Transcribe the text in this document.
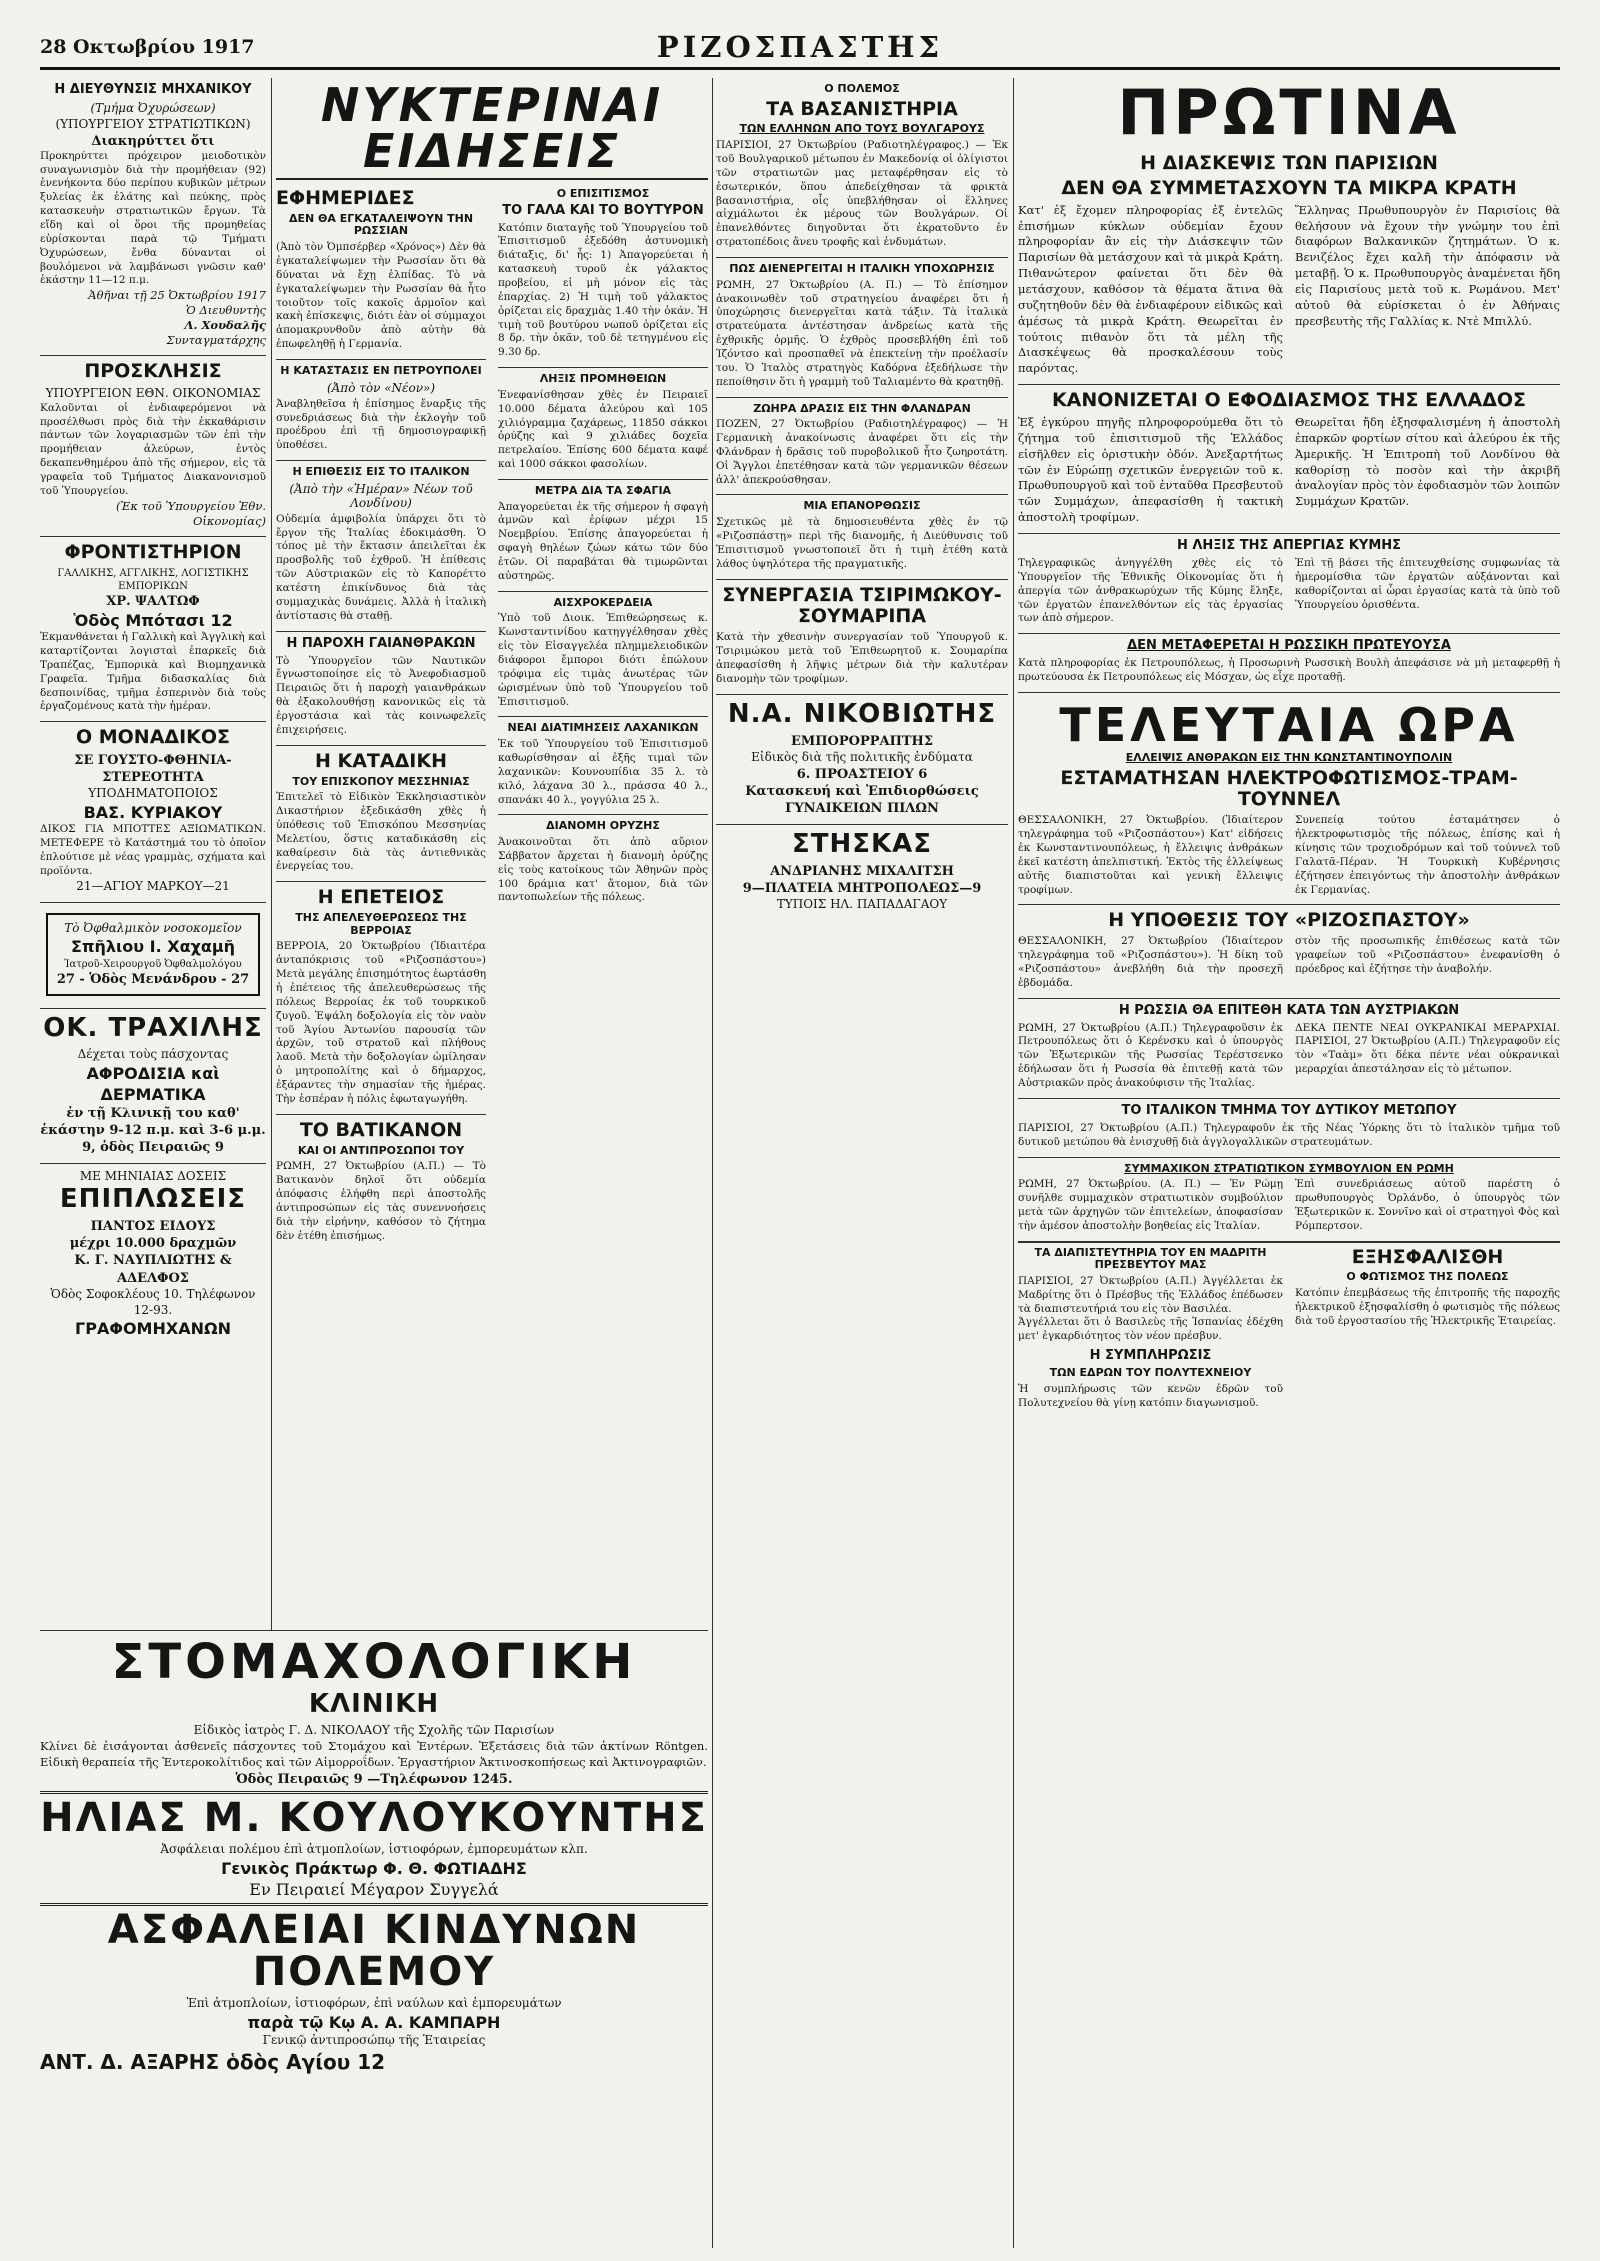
28 Οκτωβρίου 1917	ΡΙΖΟΣΠΑΣΤΗΣ
Η ΔΙΕΥΘΥΝΣΙΣ ΜΗΧΑΝΙΚΟΥ
(Τμήμα Ὀχυρώσεων)
(ΥΠΟΥΡΓΕΙΟΥ ΣΤΡΑΤΙΩΤΙΚΩΝ)
Διακηρύττει ὅτι
Προκηρύττει πρόχειρον μειοδοτικὸν συναγωνισμὸν διὰ τὴν προμήθειαν (92) ἐνενήκοντα δύο περίπου κυβικῶν μέτρων ξυλείας ἐκ ἐλάτης καὶ πεύκης, πρὸς κατασκευὴν στρατιωτικῶν ἔργων. Τὰ εἴδη καὶ οἱ ὅροι τῆς προμηθείας εὑρίσκονται παρὰ τῷ Τμήματι Ὀχυρώσεων, ἔνθα δύνανται οἱ βουλόμενοι νὰ λαμβάνωσι γνῶσιν καθ' ἑκάστην 11—12 π.μ.
Ἀθῆναι τῇ 25 Ὀκτωβρίου 1917
Ὁ Διευθυντὴς
Λ. Χουδαλῆς
Συνταγματάρχης
ΠΡΟΣΚΛΗΣΙΣ
ΥΠΟΥΡΓΕΙΟΝ ΕΘΝ. ΟΙΚΟΝΟΜΙΑΣ
Καλοῦνται οἱ ἐνδιαφερόμενοι νὰ προσέλθωσι πρὸς διὰ τὴν ἐκκαθάρισιν πάντων τῶν λογαριασμῶν τῶν ἐπὶ τὴν προμήθειαν ἀλεύρων, ἐντὸς δεκαπενθημέρου ἀπὸ τῆς σήμερον, εἰς τὰ γραφεῖα τοῦ Τμήματος Διακανονισμοῦ τοῦ Ὑπουργείου.
(Ἐκ τοῦ Ὑπουργείου Ἐθν. Οἰκονομίας)
ΦΡΟΝΤΙΣΤΗΡΙΟΝ
ΓΑΛΛΙΚΗΣ, ΑΓΓΛΙΚΗΣ, ΛΟΓΙΣΤΙΚΗΣ ΕΜΠΟΡΙΚΩΝ
ΧΡ. ΨΑΛΤΩΦ
Ὁδὸς Μπότασι 12
Ἐκμανθάνεται ἡ Γαλλικὴ καὶ Ἀγγλικὴ καὶ καταρτίζονται λογισταὶ ἐπαρκεῖς διὰ Τραπέζας, Ἐμπορικὰ καὶ Βιομηχανικὰ Γραφεῖα. Τμῆμα διδασκαλίας διὰ δεσποινίδας, τμῆμα ἐσπερινὸν διὰ τοὺς ἐργαζομένους κατὰ τὴν ἡμέραν.
Ο ΜΟΝΑΔΙΚΟΣ
ΣΕ ΓΟΥΣΤΟ-ΦΘΗΝΙΑ-ΣΤΕΡΕΟΤΗΤΑ
ΥΠΟΔΗΜΑΤΟΠΟΙΟΣ
ΒΑΣ. ΚΥΡΙΑΚΟΥ
ΔΙΚΟΣ ΓΙΑ ΜΠΟΤΤΕΣ ΑΞΙΩΜΑΤΙΚΩΝ. ΜΕΤΕΦΕΡΕ τὸ Κατάστημά του τὸ ὁποῖον ἐπλούτισε μὲ νέας γραμμὰς, σχήματα καὶ προϊόντα.
21—ΑΓΙΟΥ ΜΑΡΚΟΥ—21
Τὸ Ὀφθαλμικὸν νοσοκομεῖον
Σπῆλιου Ι. Χαχαμῆ
Ἰατροῦ-Χειρουργοῦ Ὀφθαλμολόγου
27 - Ὁδὸς Μενάνδρου - 27
ΟΚ. ΤΡΑΧΙΛΗΣ
Δέχεται τοὺς πάσχοντας
ΑΦΡΟΔΙΣΙΑ καὶ ΔΕΡΜΑΤΙΚΑ
ἐν τῇ Κλινικῇ του καθ' ἑκάστην 9-12 π.μ. καὶ 3-6 μ.μ.
9, ὁδὸς Πειραιῶς 9
ΜΕ ΜΗΝΙΑΙΑΣ ΔΟΣΕΙΣ
ΕΠΙΠΛΩΣΕΙΣ
ΠΑΝΤΟΣ ΕΙΔΟΥΣ
μέχρι 10.000 δραχμῶν
Κ. Γ. ΝΑΥΠΛΙΩΤΗΣ & ΑΔΕΛΦΟΣ
Ὁδὸς Σοφοκλέους 10. Τηλέφωνον 12-93.
ΓΡΑΦΟΜΗΧΑΝΩΝ
ΣΤΟΜΑΧΟΛΟΓΙΚΗ
ΚΛΙΝΙΚΗ
Εἰδικὸς ἰατρὸς Γ. Δ. ΝΙΚΟΛΑΟΥ τῆς Σχολῆς τῶν Παρισίων
Κλίνει δὲ ἐισάγονται ἀσθενεῖς πάσχοντες τοῦ Στομάχου καὶ Ἐντέρων. Ἐξετάσεις διὰ τῶν ἀκτίνων Röntgen. Εἰδικὴ θεραπεία τῆς Ἐντεροκολίτιδος καὶ τῶν Αἱμορροΐδων. Ἐργαστήριον Ἀκτινοσκοπήσεως καὶ Ἀκτινογραφιῶν.
Ὁδὸς Πειραιῶς 9 —Τηλέφωνον 1245.
ΗΛΙΑΣ Μ. ΚΟΥΛΟΥΚΟΥΝΤΗΣ
Ἀσφάλειαι πολέμου ἐπὶ ἀτμοπλοίων, ἱστιοφόρων, ἐμπορευμάτων κλπ.
Γενικὸς Πράκτωρ Φ. Θ. ΦΩΤΙΑΔΗΣ
Εν Πειραιεί Μέγαρον Συγγελά
ΑΣΦΑΛΕΙΑΙ ΚΙΝΔΥΝΩΝ ΠΟΛΕΜΟΥ
Ἐπὶ ἀτμοπλοίων, ἱστιοφόρων, ἐπὶ ναύλων καὶ ἐμπορευμάτων
παρὰ τῷ Κῳ Α. Α. ΚΑΜΠΑΡΗ
Γενικῷ ἀντιπροσώπῳ τῆς Ἑταιρείας
ΑΝΤ. Δ. ΑΞΑΡΗΣ ὁδὸς Αγίου 12
ΝΥΚΤΕΡΙΝΑΙ ΕΙΔΗΣΕΙΣ
ΕΦΗΜΕΡΙΔΕΣ
ΔΕΝ ΘΑ ΕΓΚΑΤΑΛΕΙΨΟΥΝ ΤΗΝ ΡΩΣΣΙΑΝ
(Ἀπὸ τὸν Ὀμπσέρβερ «Χρόνος») Δὲν θὰ ἐγκαταλείψωμεν τὴν Ρωσσίαν ὅτι θὰ δύναται νὰ ἔχῃ ἐλπίδας. Τὸ νὰ ἐγκαταλείψωμεν τὴν Ρωσσίαν θὰ ἦτο τοιοῦτον τοῖς κακοῖς ἀρμοῖον καὶ κακὴ ἐπίσκεψις, διότι ἐὰν οἱ σύμμαχοι ἀπομακρυνθοῦν ἀπὸ αὐτὴν θὰ ἐπωφεληθῇ ἡ Γερμανία.
Η ΚΑΤΑΣΤΑΣΙΣ ΕΝ ΠΕΤΡΟΥΠΟΛΕΙ
(Ἀπὸ τὸν «Νέον»)
Ἀναβληθεῖσα ἡ ἐπίσημος ἔναρξις τῆς συνεδριάσεως διὰ τὴν ἐκλογὴν τοῦ προέδρου ἐπὶ τῇ δημοσιογραφικῇ ὑποθέσει.
Η ΕΠΙΘΕΣΙΣ ΕΙΣ ΤΟ ΙΤΑΛΙΚΟΝ
(Ἀπὸ τὴν «Ἡμέραν» Νέων τοῦ Λονδίνου)
Οὐδεμία ἀμφιβολία ὑπάρχει ὅτι τὸ ἔργον τῆς Ἰταλίας ἐδοκιμάσθη. Ὁ τόπος μὲ τὴν ἔκτασιν ἀπειλεῖται ἐκ προσβολῆς τοῦ ἐχθροῦ. Ἡ ἐπίθεσις τῶν Αὐστριακῶν εἰς τὸ Καπορέττο κατέστη ἐπικίνδυνος διὰ τὰς συμμαχικὰς δυνάμεις. Ἀλλὰ ἡ ἰταλικὴ ἀντίστασις θὰ σταθῇ.
Η ΠΑΡΟΧΗ ΓΑΙΑΝΘΡΑΚΩΝ
Τὸ Ὑπουργεῖον τῶν Ναυτικῶν ἔγνωστοποίησε εἰς τὸ Ἀνεφοδιασμοῦ Πειραιῶς ὅτι ἡ παροχὴ γαιανθράκων θὰ ἐξακολουθήσῃ κανονικῶς εἰς τὰ ἐργοστάσια καὶ τὰς κοινωφελεῖς ἐπιχειρήσεις.
Η ΚΑΤΑΔΙΚΗ
ΤΟΥ ΕΠΙΣΚΟΠΟΥ ΜΕΣΣΗΝΙΑΣ
Ἐπιτελεῖ τὸ Εἰδικὸν Ἐκκλησιαστικὸν Δικαστήριον ἐξεδικάσθη χθὲς ἡ ὑπόθεσις τοῦ Ἐπισκόπου Μεσσηνίας Μελετίου, ὅστις καταδικάσθη εἰς καθαίρεσιν διὰ τὰς ἀντιεθνικὰς ἐνεργείας του.
Η ΕΠΕΤΕΙΟΣ
ΤΗΣ ΑΠΕΛΕΥΘΕΡΩΣΕΩΣ ΤΗΣ ΒΕΡΡΟΙΑΣ
ΒΕΡΡΟΙΑ, 20 Ὀκτωβρίου (Ἰδιαιτέρα ἀνταπόκρισις τοῦ «Ριζοσπάστου») Μετὰ μεγάλης ἐπισημότητος ἑωρτάσθη ἡ ἐπέτειος τῆς ἀπελευθερώσεως τῆς πόλεως Βερροίας ἐκ τοῦ τουρκικοῦ ζυγοῦ. Ἐψάλη δοξολογία εἰς τὸν ναὸν τοῦ Ἁγίου Ἀντωνίου παρουσίᾳ τῶν ἀρχῶν, τοῦ στρατοῦ καὶ πλήθους λαοῦ. Μετὰ τὴν δοξολογίαν ὡμίλησαν ὁ μητροπολίτης καὶ ὁ δήμαρχος, ἐξάραντες τὴν σημασίαν τῆς ἡμέρας. Τὴν ἑσπέραν ἡ πόλις ἐφωταγωγήθη.
ΤΟ ΒΑΤΙΚΑΝΟΝ
ΚΑΙ ΟΙ ΑΝΤΙΠΡΟΣΩΠΟΙ ΤΟΥ
ΡΩΜΗ, 27 Ὀκτωβρίου (Α.Π.) — Τὸ Βατικανὸν δηλοῖ ὅτι οὐδεμία ἀπόφασις ἐλήφθη περὶ ἀποστολῆς ἀντιπροσώπων εἰς τὰς συνεννοήσεις διὰ τὴν εἰρήνην, καθόσον τὸ ζήτημα δὲν ἐτέθη ἐπισήμως.
Ο ΕΠΙΣΙΤΙΣΜΟΣ
ΤΟ ΓΑΛΑ ΚΑΙ ΤΟ ΒΟΥΤΥΡΟΝ
Κατόπιν διαταγῆς τοῦ Ὑπουργείου τοῦ Ἐπισιτισμοῦ ἐξεδόθη ἀστυνομικὴ διάταξις, δι' ἧς: 1) Ἀπαγορεύεται ἡ κατασκευὴ τυροῦ ἐκ γάλακτος προβείου, εἰ μὴ μόνον εἰς τὰς ἐπαρχίας. 2) Ἡ τιμὴ τοῦ γάλακτος ὁρίζεται εἰς δραχμὰς 1.40 τὴν ὀκάν. Ἡ τιμὴ τοῦ βουτύρου νωποῦ ὁρίζεται εἰς 8 δρ. τὴν ὀκᾶν, τοῦ δὲ τετηγμένου εἰς 9.30 δρ.
ΛΗΞΙΣ ΠΡΟΜΗΘΕΙΩΝ
Ἐνεφανίσθησαν χθὲς ἐν Πειραιεῖ 10.000 δέματα ἀλεύρου καὶ 105 χιλιόγραμμα ζαχάρεως, 11850 σάκκοι ὀρύζης καὶ 9 χιλιάδες δοχεῖα πετρελαίου. Ἐπίσης 600 δέματα καφέ καὶ 1000 σάκκοι φασολίων.
ΜΕΤΡΑ ΔΙΑ ΤΑ ΣΦΑΓΙΑ
Ἀπαγορεύεται ἐκ τῆς σήμερον ἡ σφαγὴ ἀμνῶν καὶ ἐρίφων μέχρι 15 Νοεμβρίου. Ἐπίσης ἀπαγορεύεται ἡ σφαγὴ θηλέων ζώων κάτω τῶν δύο ἐτῶν. Οἱ παραβάται θὰ τιμωρῶνται αὐστηρῶς.
ΑΙΣΧΡΟΚΕΡΔΕΙΑ
Ὑπὸ τοῦ Διοικ. Ἐπιθεώρησεως κ. Κωνσταντινίδου κατηγγέλθησαν χθὲς εἰς τὸν Εἰσαγγελέα πλημμελειοδικῶν διάφοροι ἔμποροι διότι ἐπώλουν τρόφιμα εἰς τιμὰς ἀνωτέρας τῶν ὡρισμένων ὑπὸ τοῦ Ὑπουργείου τοῦ Ἐπισιτισμοῦ.
ΝΕΑΙ ΔΙΑΤΙΜΗΣΕΙΣ ΛΑΧΑΝΙΚΩΝ
Ἐκ τοῦ Ὑπουργείου τοῦ Ἐπισιτισμοῦ καθωρίσθησαν αἱ ἐξῆς τιμαὶ τῶν λαχανικῶν: Κουνουπίδια 35 λ. τὸ κιλό, λάχανα 30 λ., πράσσα 40 λ., σπανάκι 40 λ., γογγύλια 25 λ.
ΔΙΑΝΟΜΗ ΟΡΥΖΗΣ
Ἀνακοινοῦται ὅτι ἀπὸ αὔριον Σάββατον ἄρχεται ἡ διανομὴ ὀρύζης εἰς τοὺς κατοίκους τῶν Ἀθηνῶν πρὸς 100 δράμια κατ' ἄτομον, διὰ τῶν παντοπωλείων τῆς πόλεως.
Ο ΠΟΛΕΜΟΣ
ΤΑ ΒΑΣΑΝΙΣΤΗΡΙΑ
ΤΩΝ ΕΛΛΗΝΩΝ ΑΠΟ ΤΟΥΣ ΒΟΥΛΓΑΡΟΥΣ
ΠΑΡΙΣΙΟΙ, 27 Ὀκτωβρίου (Ραδιοτηλέγραφος.) — Ἐκ τοῦ Βουλγαρικοῦ μέτωπου ἐν Μακεδονίᾳ οἱ ὀλίγιστοι τῶν στρατιωτῶν μας μεταφέρθησαν εἰς τὸ ἐσωτερικόν, ὅπου ἀπεδείχθησαν τὰ φρικτὰ βασανιστήρια, οἷς ὑπεβλήθησαν οἱ ἕλληνες αἰχμάλωτοι ἐκ μέρους τῶν Βουλγάρων. Οἱ ἐπανελθόντες διηγοῦνται ὅτι ἐκρατοῦντο ἐν στρατοπέδοις ἄνευ τροφῆς καὶ ἐνδυμάτων.
ΠΩΣ ΔΙΕΝΕΡΓΕΙΤΑΙ Η ΙΤΑΛΙΚΗ ΥΠΟΧΩΡΗΣΙΣ
ΡΩΜΗ, 27 Ὀκτωβρίου (Α. Π.) — Τὸ ἐπίσημον ἀνακοινωθὲν τοῦ στρατηγείου ἀναφέρει ὅτι ἡ ὑποχώρησις διενεργεῖται κατὰ τάξιν. Τὰ ἰταλικὰ στρατεύματα ἀντέστησαν ἀνδρείως κατὰ τῆς ἐχθρικῆς ὁρμῆς. Ὁ ἐχθρὸς προσεβλήθη ἐπὶ τοῦ Ἰζόντσο καὶ προσπαθεῖ νὰ ἐπεκτείνῃ τὴν προέλασίν του. Ὁ Ἰταλὸς στρατηγὸς Καδόρνα ἐξεδήλωσε τὴν πεποίθησιν ὅτι ἡ γραμμὴ τοῦ Ταλιαμέντο θὰ κρατηθῇ.
ΖΩΗΡΑ ΔΡΑΣΙΣ ΕΙΣ ΤΗΝ ΦΛΑΝΔΡΑΝ
ΠΟΖΕΝ, 27 Ὀκτωβρίου (Ραδιοτηλέγραφος) — Ἡ Γερμανικὴ ἀνακοίνωσις ἀναφέρει ὅτι εἰς τὴν Φλάνδραν ἡ δρᾶσις τοῦ πυροβολικοῦ ἦτο ζωηροτάτη. Οἱ Ἄγγλοι ἐπετέθησαν κατὰ τῶν γερμανικῶν θέσεων ἀλλ' ἀπεκρούσθησαν.
ΜΙΑ ΕΠΑΝΟΡΘΩΣΙΣ
Σχετικῶς μὲ τὰ δημοσιευθέντα χθὲς ἐν τῷ «Ριζοσπάστῃ» περὶ τῆς διανομῆς, ἡ Διεύθυνσις τοῦ Ἐπισιτισμοῦ γνωστοποιεῖ ὅτι ἡ τιμὴ ἐτέθη κατὰ λάθος ὑψηλότερα τῆς πραγματικῆς.
ΣΥΝΕΡΓΑΣΙΑ ΤΣΙΡΙΜΩΚΟΥ-ΣΟΥΜΑΡΙΠΑ
Κατὰ τὴν χθεσινὴν συνεργασίαν τοῦ Ὑπουργοῦ κ. Τσιριμώκου μετὰ τοῦ Ἐπιθεωρητοῦ κ. Σουμαρίπα ἀπεφασίσθη ἡ λῆψις μέτρων διὰ τὴν καλυτέραν διανομὴν τῶν τροφίμων.
Ν.Α. ΝΙΚΟΒΙΩΤΗΣ
ΕΜΠΟΡΟΡΡΑΠΤΗΣ
Εἰδικὸς διὰ τῆς πολιτικῆς ἐνδύματα
6. ΠΡΟΑΣΤΕΙΟΥ 6
Κατασκευή καὶ Ἐπιδιορθώσεις ΓΥΝΑΙΚΕΙΩΝ ΠΙΛΩΝ
ΣΤΗΣΚΑΣ
ΑΝΔΡΙΑΝΗΣ ΜΙΧΑΛΙΤΣΗ
9—ΠΛΑΤΕΙΑ ΜΗΤΡΟΠΟΛΕΩΣ—9
ΤΥΠΟΙΣ ΗΛ. ΠΑΠΑΔΑΓΑΟΥ
ΠΡΩΤΙΝΑ
Η ΔΙΑΣΚΕΨΙΣ ΤΩΝ ΠΑΡΙΣΙΩΝ
ΔΕΝ ΘΑ ΣΥΜΜΕΤΑΣΧΟΥΝ ΤΑ ΜΙΚΡΑ ΚΡΑΤΗ
Κατ' ἐξ ἔχομεν πληροφορίας ἐξ ἐντελῶς ἐπισήμων κύκλων οὐδεμίαν ἔχουν πληροφορίαν ἂν εἰς τὴν Διάσκεψιν τῶν Παρισίων θὰ μετάσχουν καὶ τὰ μικρὰ Κράτη. Πιθανώτερον φαίνεται ὅτι δὲν θὰ μετάσχουν, καθόσον τὰ θέματα ἅτινα θὰ συζητηθοῦν δὲν θὰ ἐνδιαφέρουν εἰδικῶς καὶ ἀμέσως τὰ μικρὰ Κράτη. Θεωρεῖται ἐν τούτοις πιθανὸν ὅτι τὰ μέλη τῆς Διασκέψεως θὰ προσκαλέσουν τοὺς παρόντας.
Ἕλληνας Πρωθυπουργὸν ἐν Παρισίοις θὰ θελήσουν νὰ ἔχουν τὴν γνώμην του ἐπὶ διαφόρων Βαλκανικῶν ζητημάτων. Ὁ κ. Βενιζέλος ἔχει καλῆ τὴν ἀπόφασιν νὰ μεταβῇ. Ὁ κ. Πρωθυπουργὸς ἀναμένεται ἤδη εἰς Παρισίους μετὰ τοῦ κ. Ρωμάνου. Μετ' αὐτοῦ θὰ εὑρίσκεται ὁ ἐν Ἀθήναις πρεσβευτὴς τῆς Γαλλίας κ. Ντὲ Μπιλλύ.
ΚΑΝΟΝΙΖΕΤΑΙ Ο ΕΦΟΔΙΑΣΜΟΣ ΤΗΣ ΕΛΛΑΔΟΣ
Ἐξ ἐγκύρου πηγῆς πληροφορούμεθα ὅτι τὸ ζήτημα τοῦ ἐπισιτισμοῦ τῆς Ἑλλάδος εἰσῆλθεν εἰς ὁριστικὴν ὁδόν. Ἀνεξαρτήτως τῶν ἐν Εὐρώπῃ σχετικῶν ἐνεργειῶν τοῦ κ. Πρωθυπουργοῦ καὶ τοῦ ἐνταῦθα Πρεσβευτοῦ τῶν Συμμάχων, ἀπεφασίσθη ἡ τακτικὴ ἀποστολὴ τροφίμων.
Θεωρεῖται ἤδη ἐξησφαλισμένη ἡ ἀποστολὴ ἐπαρκῶν φορτίων σίτου καὶ ἀλεύρου ἐκ τῆς Ἀμερικῆς. Ἡ Ἐπιτροπὴ τοῦ Λονδίνου θὰ καθορίσῃ τὸ ποσὸν καὶ τὴν ἀκριβῆ ἀναλογίαν πρὸς τὸν ἐφοδιασμὸν τῶν λοιπῶν Συμμάχων Κρατῶν.
Η ΛΗΞΙΣ ΤΗΣ ΑΠΕΡΓΙΑΣ ΚΥΜΗΣ
Τηλεγραφικῶς ἀνηγγέλθη χθὲς εἰς τὸ Ὑπουργεῖον τῆς Ἐθνικῆς Οἰκονομίας ὅτι ἡ ἀπεργία τῶν ἀνθρακωρύχων τῆς Κύμης ἔληξε, τῶν ἐργατῶν ἐπανελθόντων εἰς τὰς ἐργασίας των ἀπὸ σήμερον.
Ἐπὶ τῇ βάσει τῆς ἐπιτευχθείσης συμφωνίας τὰ ἡμερομίσθια τῶν ἐργατῶν αὐξάνονται καὶ καθορίζονται αἱ ὧραι ἐργασίας κατὰ τὰ ὑπὸ τοῦ Ὑπουργείου ὁρισθέντα.
ΔΕΝ ΜΕΤΑΦΕΡΕΤΑΙ Η ΡΩΣΣΙΚΗ ΠΡΩΤΕΥΟΥΣΑ
Κατὰ πληροφορίας ἐκ Πετρουπόλεως, ἡ Προσωρινὴ Ρωσσικὴ Βουλὴ ἀπεφάσισε νὰ μὴ μεταφερθῇ ἡ πρωτεύουσα ἐκ Πετρουπόλεως εἰς Μόσχαν, ὡς εἶχε προταθῇ.
ΤΕΛΕΥΤΑΙΑ ΩΡΑ
ΕΛΛΕΙΨΙΣ ΑΝΘΡΑΚΩΝ ΕΙΣ ΤΗΝ ΚΩΝΣΤΑΝΤΙΝΟΥΠΟΛΙΝ
ΕΣΤΑΜΑΤΗΣΑΝ ΗΛΕΚΤΡΟΦΩΤΙΣΜΟΣ-ΤΡΑΜ-ΤΟΥΝΝΕΛ
ΘΕΣΣΑΛΟΝΙΚΗ, 27 Ὀκτωβρίου. (Ἰδιαίτερον τηλεγράφημα τοῦ «Ριζοσπάστου») Κατ' εἰδήσεις ἐκ Κωνσταντινουπόλεως, ἡ ἔλλειψις ἀνθράκων ἐκεῖ κατέστη ἀπελπιστική. Ἐκτὸς τῆς ἐλλείψεως αὐτῆς διαπιστοῦται καὶ γενικὴ ἔλλειψις τροφίμων.
Συνεπείᾳ τούτου ἐσταμάτησεν ὁ ἠλεκτροφωτισμὸς τῆς πόλεως, ἐπίσης καὶ ἡ κίνησις τῶν τροχιοδρόμων καὶ τοῦ τούννελ τοῦ Γαλατᾶ-Πέραν. Ἡ Τουρκικὴ Κυβέρνησις ἐζήτησεν ἐπειγόντως τὴν ἀποστολὴν ἀνθράκων ἐκ Γερμανίας.
Η ΥΠΟΘΕΣΙΣ ΤΟΥ «ΡΙΖΟΣΠΑΣΤΟΥ»
ΘΕΣΣΑΛΟΝΙΚΗ, 27 Ὀκτωβρίου (Ἰδιαίτερον τηλεγράφημα τοῦ «Ριζοσπάστου»). Ἡ δίκη τοῦ «Ριζοσπάστου» ἀνεβλήθη διὰ τὴν προσεχῆ ἑβδομάδα.
στὸν τῆς προσωπικῆς ἐπιθέσεως κατὰ τῶν γραφείων τοῦ «Ριζοσπάστου» ἐνεφανίσθη ὁ πρόεδρος καὶ ἐζήτησε τὴν ἀναβολήν.
Η ΡΩΣΣΙΑ ΘΑ ΕΠΙΤΕΘΗ ΚΑΤΑ ΤΩΝ ΑΥΣΤΡΙΑΚΩΝ
ΡΩΜΗ, 27 Ὀκτωβρίου (Α.Π.) Τηλεγραφοῦσιν ἐκ Πετρουπόλεως ὅτι ὁ Κερένσκυ καὶ ὁ ὑπουργὸς τῶν Ἐξωτερικῶν τῆς Ρωσσίας Τερέστσενκο ἐδήλωσαν ὅτι ἡ Ρωσσία θὰ ἐπιτεθῇ κατὰ τῶν Αὐστριακῶν πρὸς ἀνακούφισιν τῆς Ἰταλίας.
ΔΕΚΑ ΠΕΝΤΕ ΝΕΑΙ ΟΥΚΡΑΝΙΚΑΙ ΜΕΡΑΡΧΙΑΙ. ΠΑΡΙΣΙΟΙ, 27 Ὀκτωβρίου (Α.Π.) Τηλεγραφοῦν εἰς τὸν «Ταὰμ» ὅτι δέκα πέντε νέαι οὐκρανικαὶ μεραρχίαι ἀπεστάλησαν εἰς τὸ μέτωπον.
ΤΟ ΙΤΑΛΙΚΟΝ ΤΜΗΜΑ ΤΟΥ ΔΥΤΙΚΟΥ ΜΕΤΩΠΟΥ
ΠΑΡΙΣΙΟΙ, 27 Ὀκτωβρίου (Α.Π.) Τηλεγραφοῦν ἐκ τῆς Νέας Ὑόρκης ὅτι τὸ ἰταλικὸν τμῆμα τοῦ δυτικοῦ μετώπου θὰ ἐνισχυθῇ διὰ ἀγγλογαλλικῶν στρατευμάτων.
ΣΥΜΜΑΧΙΚΟΝ ΣΤΡΑΤΙΩΤΙΚΟΝ ΣΥΜΒΟΥΛΙΟΝ ΕΝ ΡΩΜΗ
ΡΩΜΗ, 27 Ὀκτωβρίου. (Α. Π.) — Ἐν Ρώμῃ συνῆλθε συμμαχικὸν στρατιωτικὸν συμβούλιον μετὰ τῶν ἀρχηγῶν τῶν ἐπιτελείων, ἀποφασίσαν τὴν ἀμέσον ἀποστολὴν βοηθείας εἰς Ἰταλίαν.
Ἐπὶ συνεδριάσεως αὐτοῦ παρέστη ὁ πρωθυπουργὸς Ὀρλάνδο, ὁ ὑπουργὸς τῶν Ἐξωτερικῶν κ. Σοννῖνο καὶ οἱ στρατηγοὶ Φὸς καὶ Ρόμπερτσον.
ΤΑ ΔΙΑΠΙΣΤΕΥΤΗΡΙΑ ΤΟΥ ΕΝ ΜΑΔΡΙΤΗ ΠΡΕΣΒΕΥΤΟΥ ΜΑΣ
ΠΑΡΙΣΙΟΙ, 27 Ὀκτωβρίου (Α.Π.) Ἀγγέλλεται ἐκ Μαδρίτης ὅτι ὁ Πρέσβυς τῆς Ἑλλάδος ἐπέδωσεν τὰ διαπιστευτήριά του εἰς τὸν Βασιλέα.
Ἀγγέλλεται ὅτι ὁ Βασιλεὺς τῆς Ἰσπανίας ἐδέχθη μετ' ἐγκαρδιότητος τὸν νέον πρέσβυν.
Η ΣΥΜΠΛΗΡΩΣΙΣ
ΤΩΝ ΕΔΡΩΝ ΤΟΥ ΠΟΛΥΤΕΧΝΕΙΟΥ
Ἡ συμπλήρωσις τῶν κενῶν ἑδρῶν τοῦ Πολυτεχνείου θὰ γίνῃ κατόπιν διαγωνισμοῦ.
ΕΞΗΣΦΑΛΙΣΘΗ
Ο ΦΩΤΙΣΜΟΣ ΤΗΣ ΠΟΛΕΩΣ
Κατόπιν ἐπεμβάσεως τῆς ἐπιτροπῆς τῆς παροχῆς ἠλεκτρικοῦ ἐξησφαλίσθη ὁ φωτισμὸς τῆς πόλεως διὰ τοῦ ἐργοστασίου τῆς Ἠλεκτρικῆς Ἑταιρείας.
